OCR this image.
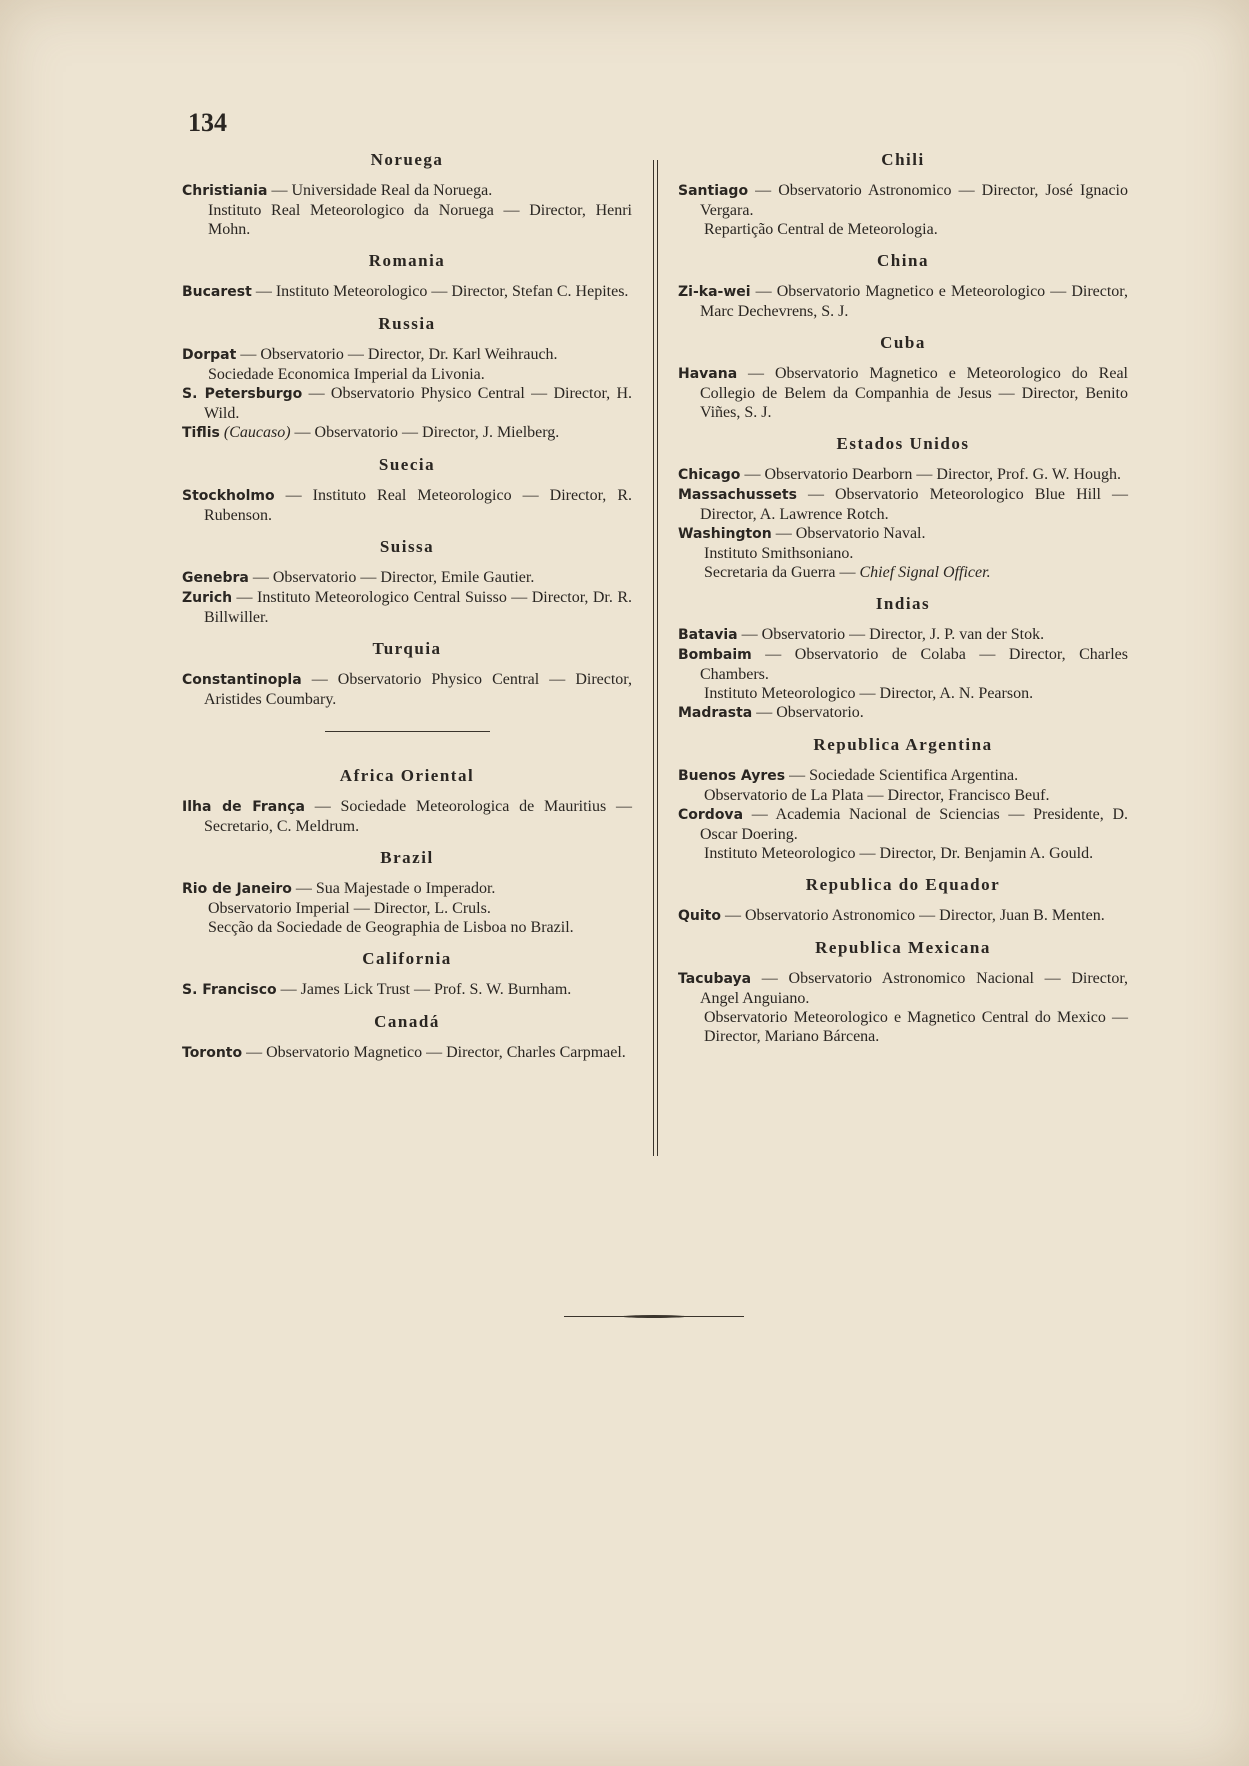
134
Noruega
Christiania — Universidade Real da Noruega.
Instituto Real Meteorologico da Noruega — Director, Henri Mohn.
Romania
Bucarest — Instituto Meteorologico — Director, Stefan C. Hepites.
Russia
Dorpat — Observatorio — Director, Dr. Karl Weihrauch.
Sociedade Economica Imperial da Livonia.
S. Petersburgo — Observatorio Physico Central — Director, H. Wild.
Tiflis (Caucaso) — Observatorio — Director, J. Mielberg.
Suecia
Stockholmo — Instituto Real Meteorologico — Director, R. Rubenson.
Suissa
Genebra — Observatorio — Director, Emile Gautier.
Zurich — Instituto Meteorologico Central Suisso — Director, Dr. R. Billwiller.
Turquia
Constantinopla — Observatorio Physico Central — Director, Aristides Coumbary.
Africa Oriental
Ilha de França — Sociedade Meteorologica de Mauritius — Secretario, C. Meldrum.
Brazil
Rio de Janeiro — Sua Majestade o Imperador.
Observatorio Imperial — Director, L. Cruls.
Secção da Sociedade de Geographia de Lisboa no Brazil.
California
S. Francisco — James Lick Trust — Prof. S. W. Burnham.
Canadá
Toronto — Observatorio Magnetico — Director, Charles Carpmael.
Chili
Santiago — Observatorio Astronomico — Director, José Ignacio Vergara.
Repartição Central de Meteorologia.
China
Zi-ka-wei — Observatorio Magnetico e Meteorologico — Director, Marc Dechevrens, S. J.
Cuba
Havana — Observatorio Magnetico e Meteorologico do Real Collegio de Belem da Companhia de Jesus — Director, Benito Viñes, S. J.
Estados Unidos
Chicago — Observatorio Dearborn — Director, Prof. G. W. Hough.
Massachussets — Observatorio Meteorologico Blue Hill — Director, A. Lawrence Rotch.
Washington — Observatorio Naval.
Instituto Smithsoniano.
Secretaria da Guerra — Chief Signal Officer.
Indias
Batavia — Observatorio — Director, J. P. van der Stok.
Bombaim — Observatorio de Colaba — Director, Charles Chambers.
Instituto Meteorologico — Director, A. N. Pearson.
Madrasta — Observatorio.
Republica Argentina
Buenos Ayres — Sociedade Scientifica Argentina.
Observatorio de La Plata — Director, Francisco Beuf.
Cordova — Academia Nacional de Sciencias — Presidente, D. Oscar Doering.
Instituto Meteorologico — Director, Dr. Benjamin A. Gould.
Republica do Equador
Quito — Observatorio Astronomico — Director, Juan B. Menten.
Republica Mexicana
Tacubaya — Observatorio Astronomico Nacional — Director, Angel Anguiano.
Observatorio Meteorologico e Magnetico Central do Mexico — Director, Mariano Bárcena.
